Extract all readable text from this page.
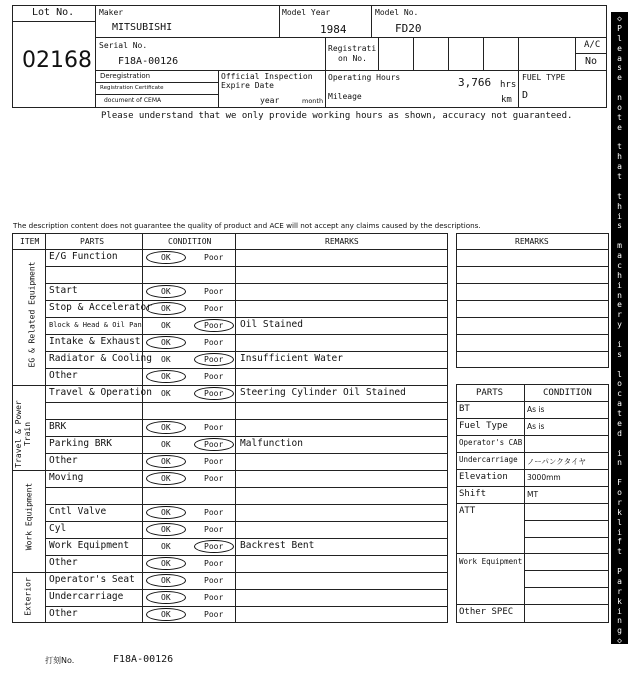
Lot No.
02168
Maker
MITSUBISHI
Model Year
1984
Model No.
FD20
Serial No.
F18A-00126
Registrati
on No.
A/C
No
Deregistration
Registration Certificate
document of CEMA
Official Inspection
Expire Date
year	month
Operating Hours	3,766 hrs
Mileage	km
FUEL TYPE
D
Please understand that we only provide working hours as shown, accuracy not guaranteed.
The description content does not guarantee the quality of product and ACE will not accept any claims caused by the descriptions.
ITEM	PARTS	CONDITION	REMARKS
EG & Related Equipment
Travel & Power Train
Work Equipment
Exterior
E/G Function	OK	Poor
Start	OK	Poor
Stop & Accelerator OK	Poor
Block & Head & Oil Pan OK	Poor Oil Stained
Intake & Exhaust	OK	Poor
Radiator & Cooling OK	Poor Insufficient Water
Other	OK	Poor
Travel & Operation OK	Poor Steering Cylinder Oil Stained
BRK	OK	Poor
Parking BRK	OK	Poor Malfunction
Other	OK	Poor
Moving	OK	Poor
Cntl Valve	OK	Poor
Cyl	OK	Poor
Work Equipment	OK	Poor Backrest Bent
Other	OK	Poor
Operator's Seat	OK	Poor
Undercarriage	OK	Poor
Other	OK	Poor
REMARKS
PARTS	CONDITION
BT	As is
Fuel Type	As is
Operator's CAB
Undercarriage ノーパンクタイヤ
Elevation	3000mm
Shift	MT
ATT
Work Equipment
Other SPEC
打刻No.	F18A-00126
◇
P
l
e
a
s
e
n
o
t
e
t
h
a
t
t
h
i
s
m
a
c
h
i
n
e
r
y
i
s
l
o
c
a
t
e
d
i
n
F
o
r
k
l
i
f
t
P
a
r
k
i
n
g
◇
